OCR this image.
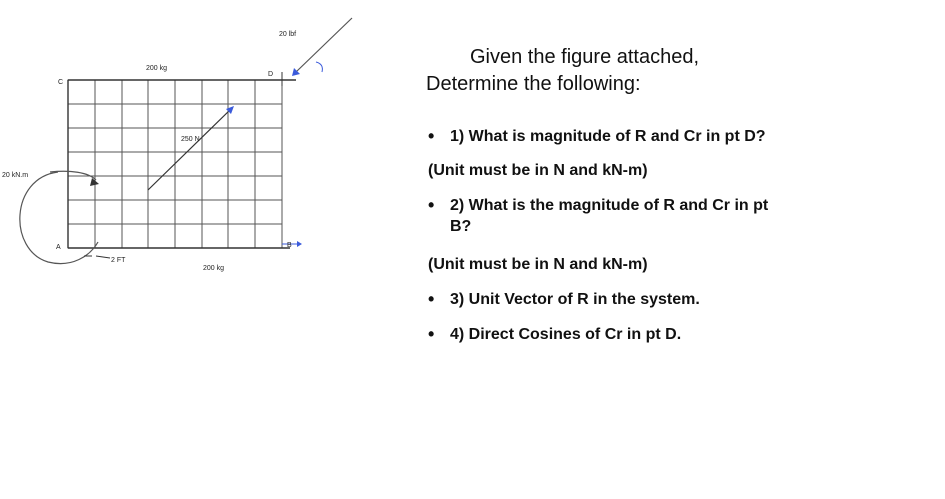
20 lbf
200 kg
D
C
250 N
20 kN.m
A
2 FT
200 kg
B
Given the figure attached,
Determine the following:
• 1) What is magnitude of R and Cr in pt D?
(Unit must be in N and kN-m)
• 2) What is the magnitude of R and Cr in pt
B?
(Unit must be in N and kN-m)
• 3) Unit Vector of R in the system.
• 4) Direct Cosines of Cr in pt D.
